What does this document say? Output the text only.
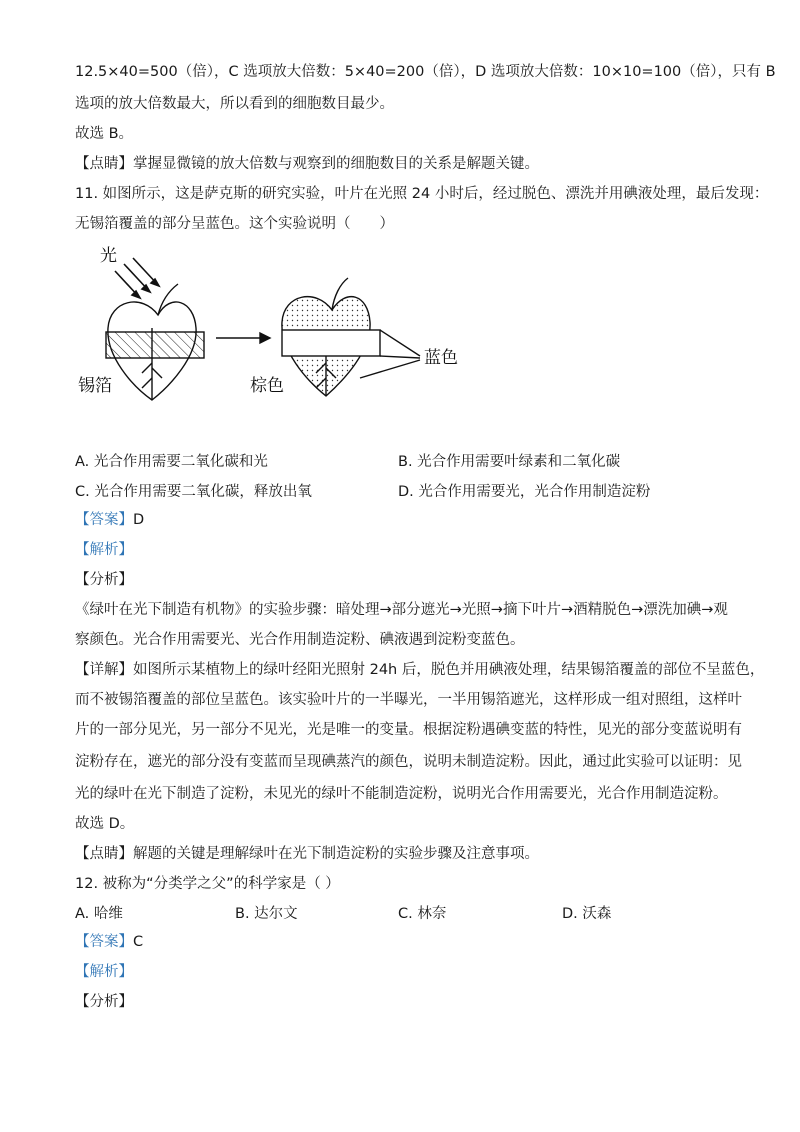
12.5×40=500（倍），C 选项放大倍数：5×40=200（倍），D 选项放大倍数：10×10=100（倍），只有 B
选项的放大倍数最大，所以看到的细胞数目最少。
故选 B。
【点睛】掌握显微镜的放大倍数与观察到的细胞数目的关系是解题关键。
11. 如图所示，这是萨克斯的研究实验，叶片在光照 24 小时后，经过脱色、漂洗并用碘液处理，最后发现：
无锡箔覆盖的部分呈蓝色。这个实验说明（　　）
光
锡箔	棕色
蓝色
A. 光合作用需要二氧化碳和光	B. 光合作用需要叶绿素和二氧化碳
C. 光合作用需要二氧化碳，释放出氧	D. 光合作用需要光，光合作用制造淀粉
【答案】D
【解析】
【分析】
《绿叶在光下制造有机物》的实验步骤：暗处理→部分遮光→光照→摘下叶片→酒精脱色→漂洗加碘→观
察颜色。光合作用需要光、光合作用制造淀粉、碘液遇到淀粉变蓝色。
【详解】如图所示某植物上的绿叶经阳光照射 24h 后，脱色并用碘液处理，结果锡箔覆盖的部位不呈蓝色，
而不被锡箔覆盖的部位呈蓝色。该实验叶片的一半曝光，一半用锡箔遮光，这样形成一组对照组，这样叶
片的一部分见光，另一部分不见光，光是唯一的变量。根据淀粉遇碘变蓝的特性，见光的部分变蓝说明有
淀粉存在，遮光的部分没有变蓝而呈现碘蒸汽的颜色，说明未制造淀粉。因此，通过此实验可以证明：见
光的绿叶在光下制造了淀粉，未见光的绿叶不能制造淀粉，说明光合作用需要光，光合作用制造淀粉。
故选 D。
【点睛】解题的关键是理解绿叶在光下制造淀粉的实验步骤及注意事项。
12. 被称为“分类学之父”的科学家是（ ）
A. 哈维	B. 达尔文	C. 林奈	D. 沃森
【答案】C
【解析】
【分析】
